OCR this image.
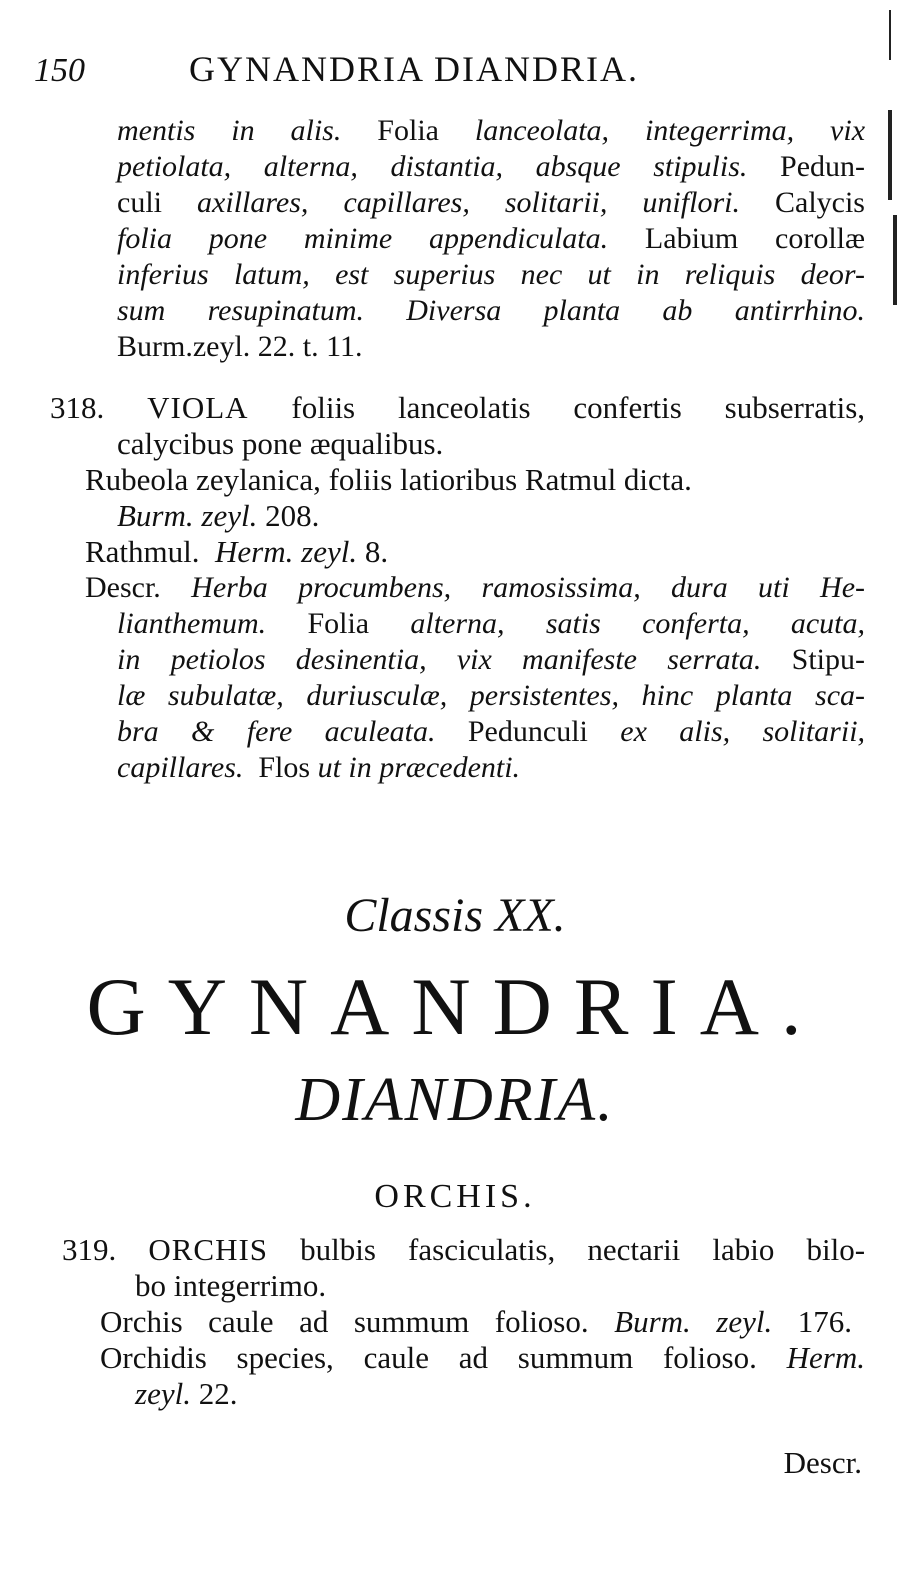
150	GYNANDRIA DIANDRIA.
mentis in alis. Folia lanceolata, integerrima, vix
petiolata, alterna, distantia, absque stipulis. Pedun-
culi axillares, capillares, solitarii, uniflori. Calycis
folia pone minime appendiculata. Labium corollæ
inferius latum, est superius nec ut in reliquis deor-
sum resupinatum. Diversa planta ab antirrhino.
Burm.zeyl. 22. t. 11.
318. VIOLA foliis lanceolatis confertis subserratis,
calycibus pone æqualibus.
Rubeola zeylanica, foliis latioribus Ratmul dicta.
Burm. zeyl. 208.
Rathmul. Herm. zeyl. 8.
Descr. Herba procumbens, ramosissima, dura uti He-
lianthemum. Folia alterna, satis conferta, acuta,
in petiolos desinentia, vix manifeste serrata. Stipu-
læ subulatæ, duriusculæ, persistentes, hinc planta sca-
bra & fere aculeata. Pedunculi ex alis, solitarii,
capillares. Flos ut in præcedenti.
Classis XX.
GYNANDRIA.
DIANDRIA.
ORCHIS.
319. ORCHIS bulbis fasciculatis, nectarii labio bilo-
bo integerrimo.
Orchis caule ad summum folioso. Burm. zeyl. 176.
Orchidis species, caule ad summum folioso. Herm.
zeyl. 22.
Descr.
